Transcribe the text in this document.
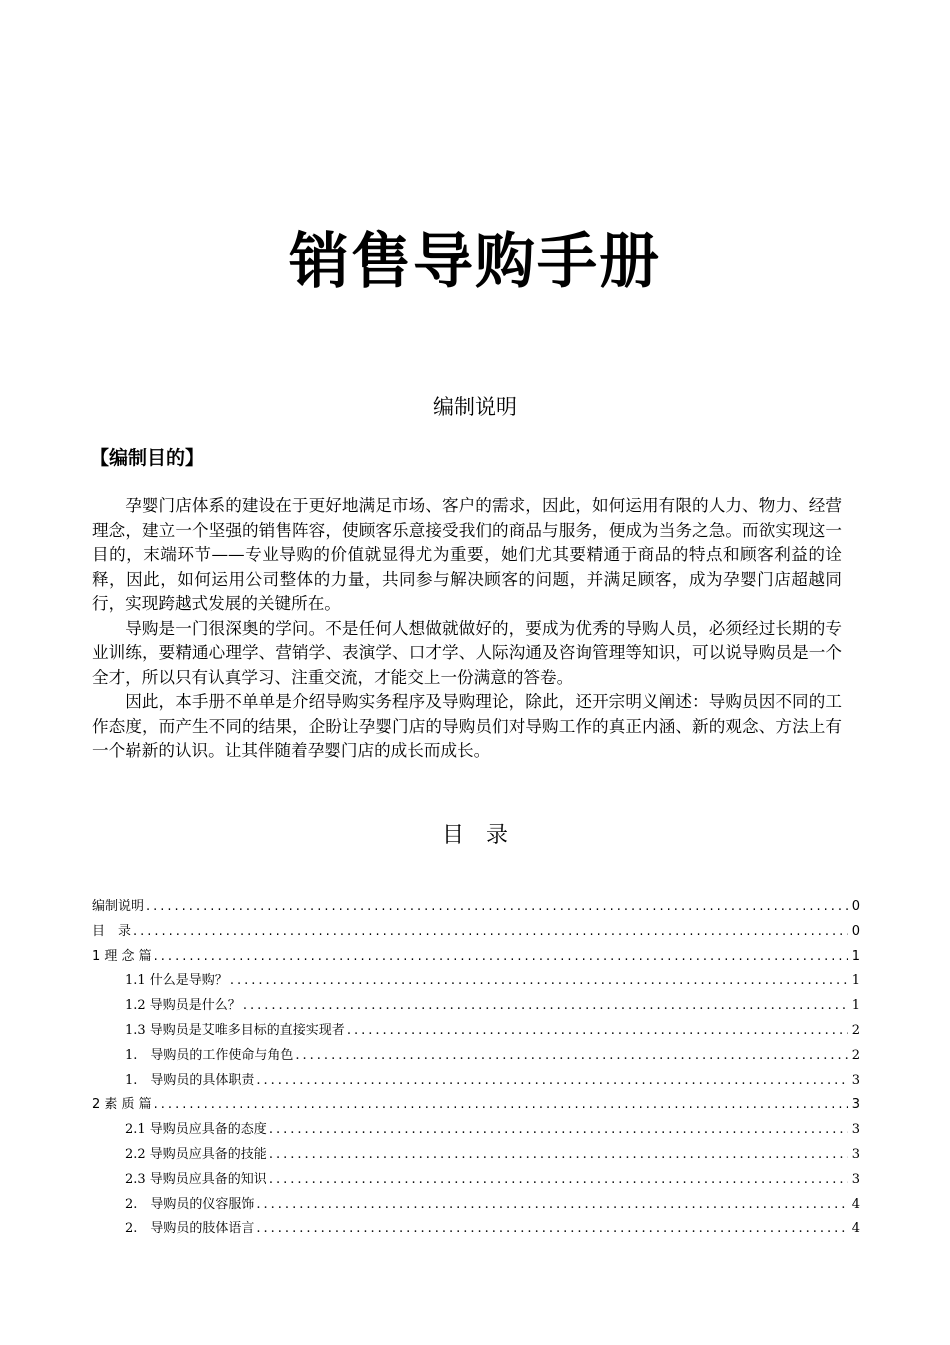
销售导购手册
编制说明
【编制目的】

孕婴门店体系的建设在于更好地满足市场、客户的需求，因此，如何运用有限的人力、物力、经营理念，建立一个坚强的销售阵容，使顾客乐意接受我们的商品与服务，便成为当务之急。而欲实现这一目的，末端环节——专业导购的价值就显得尤为重要，她们尤其要精通于商品的特点和顾客利益的诠释，因此，如何运用公司整体的力量，共同参与解决顾客的问题，并满足顾客，成为孕婴门店超越同行，实现跨越式发展的关键所在。

导购是一门很深奥的学问。不是任何人想做就做好的，要成为优秀的导购人员，必须经过长期的专业训练，要精通心理学、营销学、表演学、口才学、人际沟通及咨询管理等知识，可以说导购员是一个全才，所以只有认真学习、注重交流，才能交上一份满意的答卷。

因此，本手册不单单是介绍导购实务程序及导购理论，除此，还开宗明义阐述：导购员因不同的工作态度，而产生不同的结果，企盼让孕婴门店的导购员们对导购工作的真正内涵、新的观念、方法上有一个崭新的认识。让其伴随着孕婴门店的成长而成长。

目　录
编制说明 .....	0
目　录 .....	0
1 理 念 篇 .....	1
1.1 什么是导购？ .....	1
1.2 导购员是什么？ .....	1
1.3 导购员是艾唯多目标的直接实现者 .....	2
1.　导购员的工作使命与角色 .....	2
1.　导购员的具体职责 .....	3
2 素 质 篇 .....	3
2.1 导购员应具备的态度 .....	3
2.2 导购员应具备的技能 .....	3
2.3 导购员应具备的知识 .....	3
2.　导购员的仪容服饰 .....	4
2.　导购员的肢体语言 .....	4
